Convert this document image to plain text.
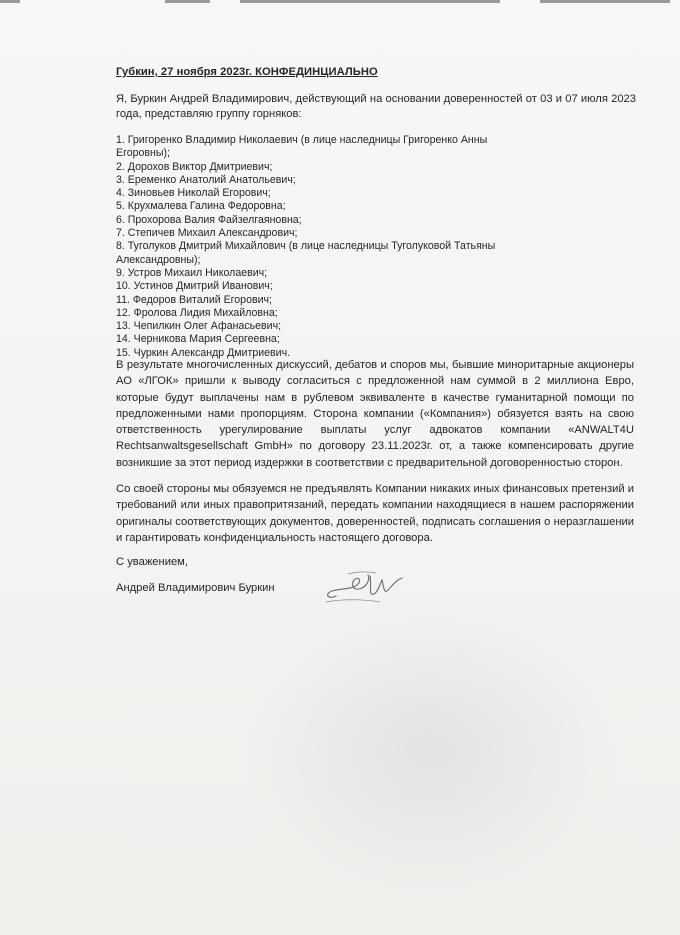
Губкин, 27 ноября 2023г. КОНФЕДИНЦИАЛЬНО
Я, Буркин Андрей Владимирович, действующий на основании доверенностей от 03 и 07 июля 2023 года, представляю группу горняков:
1. Григоренко Владимир Николаевич (в лице наследницы Григоренко Анны
Егоровны);
2. Дорохов Виктор Дмитриевич;
3. Еременко Анатолий Анатольевич;
4. Зиновьев Николай Егорович;
5. Крухмалева Галина Федоровна;
6. Прохорова Валия Файзелгаяновна;
7. Степичев Михаил Александрович;
8. Туголуков Дмитрий Михайлович (в лице наследницы Туголуковой Татьяны
Александровны);
9. Устров Михаил Николаевич;
10. Устинов Дмитрий Иванович;
11. Федоров Виталий Егорович;
12. Фролова Лидия Михайловна;
13. Чепилкин Олег Афанасьевич;
14. Черникова Мария Сергеевна;
15. Чуркин Александр Дмитриевич.
В результате многочисленных дискуссий, дебатов и споров мы, бывшие миноритарные акционеры АО «ЛГОК» пришли к выводу согласиться с предложенной нам суммой в 2 миллиона Евро, которые будут выплачены нам в рублевом эквиваленте в качестве гуманитарной помощи по предложенными нами пропорциям. Сторона компании («Компания») обязуется взять на свою ответственность урегулирование выплаты услуг адвокатов компании «ANWALT4U Rechtsanwaltsgesellschaft GmbH» по договору 23.11.2023г. от, а также компенсировать другие возникшие за этот период издержки в соответствии с предварительной договоренностью сторон.
Со своей стороны мы обязуемся не предъявлять Компании никаких иных финансовых претензий и требований или иных правопритязаний, передать компании находящиеся в нашем распоряжении оригиналы соответствующих документов, доверенностей, подписать соглашения о неразглашении и гарантировать конфиденциальность настоящего договора.
С уважением,
Андрей Владимирович Буркин
